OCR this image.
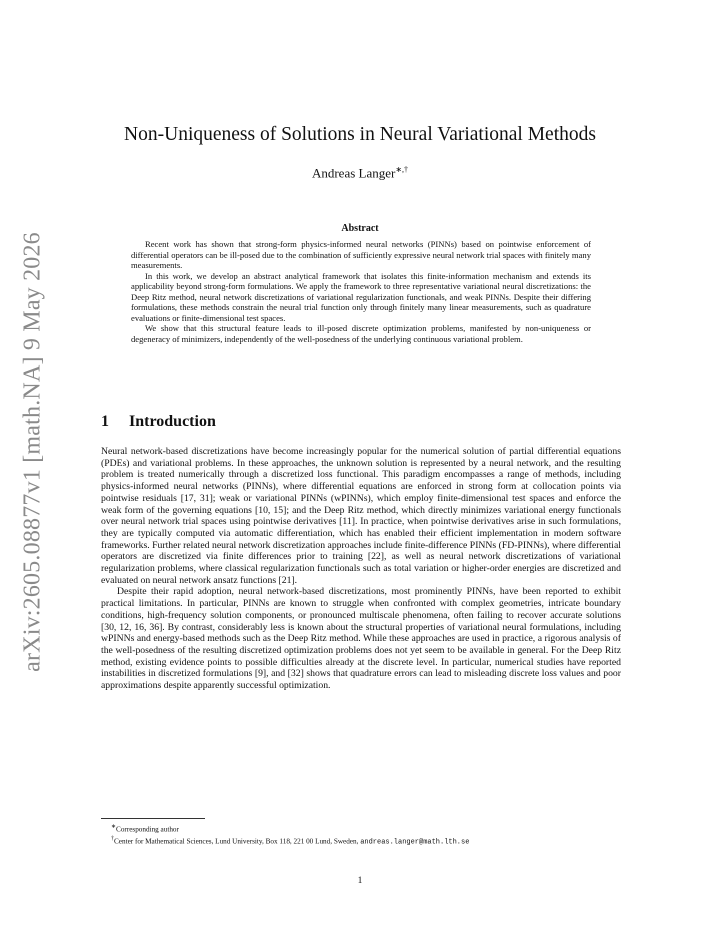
arXiv:2605.08877v1 [math.NA] 9 May 2026
Non-Uniqueness of Solutions in Neural Variational Methods
Andreas Langer∗,†
Abstract

Recent work has shown that strong-form physics-informed neural networks (PINNs) based on pointwise enforcement of differential operators can be ill-posed due to the combination of sufficiently expressive neural network trial spaces with finitely many measurements.

In this work, we develop an abstract analytical framework that isolates this finite-information mechanism and extends its applicability beyond strong-form formulations. We apply the framework to three representative variational neural discretizations: the Deep Ritz method, neural network discretizations of variational regularization functionals, and weak PINNs. Despite their differing formulations, these methods constrain the neural trial function only through finitely many linear measurements, such as quadrature evaluations or finite-dimensional test spaces.

We show that this structural feature leads to ill-posed discrete optimization problems, manifested by non-uniqueness or degeneracy of minimizers, independently of the well-posedness of the underlying continuous variational problem.

1 Introduction

Neural network-based discretizations have become increasingly popular for the numerical solution of partial differential equations (PDEs) and variational problems. In these approaches, the unknown solution is represented by a neural network, and the resulting problem is treated numerically through a discretized loss functional. This paradigm encompasses a range of methods, including physics-informed neural networks (PINNs), where differential equations are enforced in strong form at collocation points via pointwise residuals [17, 31]; weak or variational PINNs (wPINNs), which employ finite-dimensional test spaces and enforce the weak form of the governing equations [10, 15]; and the Deep Ritz method, which directly minimizes variational energy functionals over neural network trial spaces using pointwise derivatives [11]. In practice, when pointwise derivatives arise in such formulations, they are typically computed via automatic differentiation, which has enabled their efficient implementation in modern software frameworks. Further related neural network discretization approaches include finite-difference PINNs (FD-PINNs), where differential operators are discretized via finite differences prior to training [22], as well as neural network discretizations of variational regularization problems, where classical regularization functionals such as total variation or higher-order energies are discretized and evaluated on neural network ansatz functions [21].

Despite their rapid adoption, neural network-based discretizations, most prominently PINNs, have been reported to exhibit practical limitations. In particular, PINNs are known to struggle when confronted with complex geometries, intricate boundary conditions, high-frequency solution components, or pronounced multiscale phenomena, often failing to recover accurate solutions [30, 12, 16, 36]. By contrast, considerably less is known about the structural properties of variational neural formulations, including wPINNs and energy-based methods such as the Deep Ritz method. While these approaches are used in practice, a rigorous analysis of the well-posedness of the resulting discretized optimization problems does not yet seem to be available in general. For the Deep Ritz method, existing evidence points to possible difficulties already at the discrete level. In particular, numerical studies have reported instabilities in discretized formulations [9], and [32] shows that quadrature errors can lead to misleading discrete loss values and poor approximations despite apparently successful optimization.

∗Corresponding author

†Center for Mathematical Sciences, Lund University, Box 118, 221 00 Lund, Sweden, andreas.langer@math.lth.se

1
